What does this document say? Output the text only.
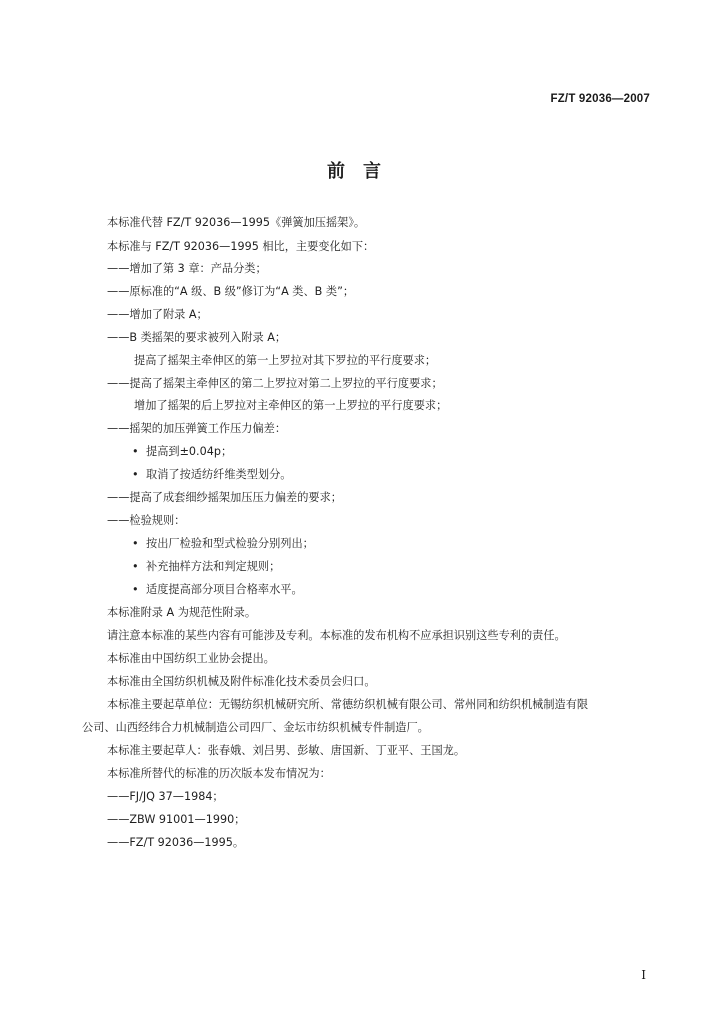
FZ/T 92036—2007
前　言
本标准代替 FZ/T 92036—1995《弹簧加压摇架》。
本标准与 FZ/T 92036—1995 相比，主要变化如下：
——增加了第 3 章：产品分类；
——原标准的“A 级、B 级”修订为“A 类、B 类”；
——增加了附录 A；
——B 类摇架的要求被列入附录 A；
提高了摇架主牵伸区的第一上罗拉对其下罗拉的平行度要求；
——提高了摇架主牵伸区的第二上罗拉对第二上罗拉的平行度要求；
增加了摇架的后上罗拉对主牵伸区的第一上罗拉的平行度要求；
——摇架的加压弹簧工作压力偏差：
• 提高到±0.04p；
• 取消了按适纺纤维类型划分。
——提高了成套细纱摇架加压压力偏差的要求；
——检验规则：
• 按出厂检验和型式检验分别列出；
• 补充抽样方法和判定规则；
• 适度提高部分项目合格率水平。
本标准附录 A 为规范性附录。
请注意本标准的某些内容有可能涉及专利。本标准的发布机构不应承担识别这些专利的责任。
本标准由中国纺织工业协会提出。
本标准由全国纺织机械及附件标准化技术委员会归口。
本标准主要起草单位：无锡纺织机械研究所、常德纺织机械有限公司、常州同和纺织机械制造有限
公司、山西经纬合力机械制造公司四厂、金坛市纺织机械专件制造厂。
本标准主要起草人：张春娥、刘吕男、彭敏、唐国新、丁亚平、王国龙。
本标准所替代的标准的历次版本发布情况为：
——FJ/JQ 37—1984；
——ZBW 91001—1990；
——FZ/T 92036—1995。
I
